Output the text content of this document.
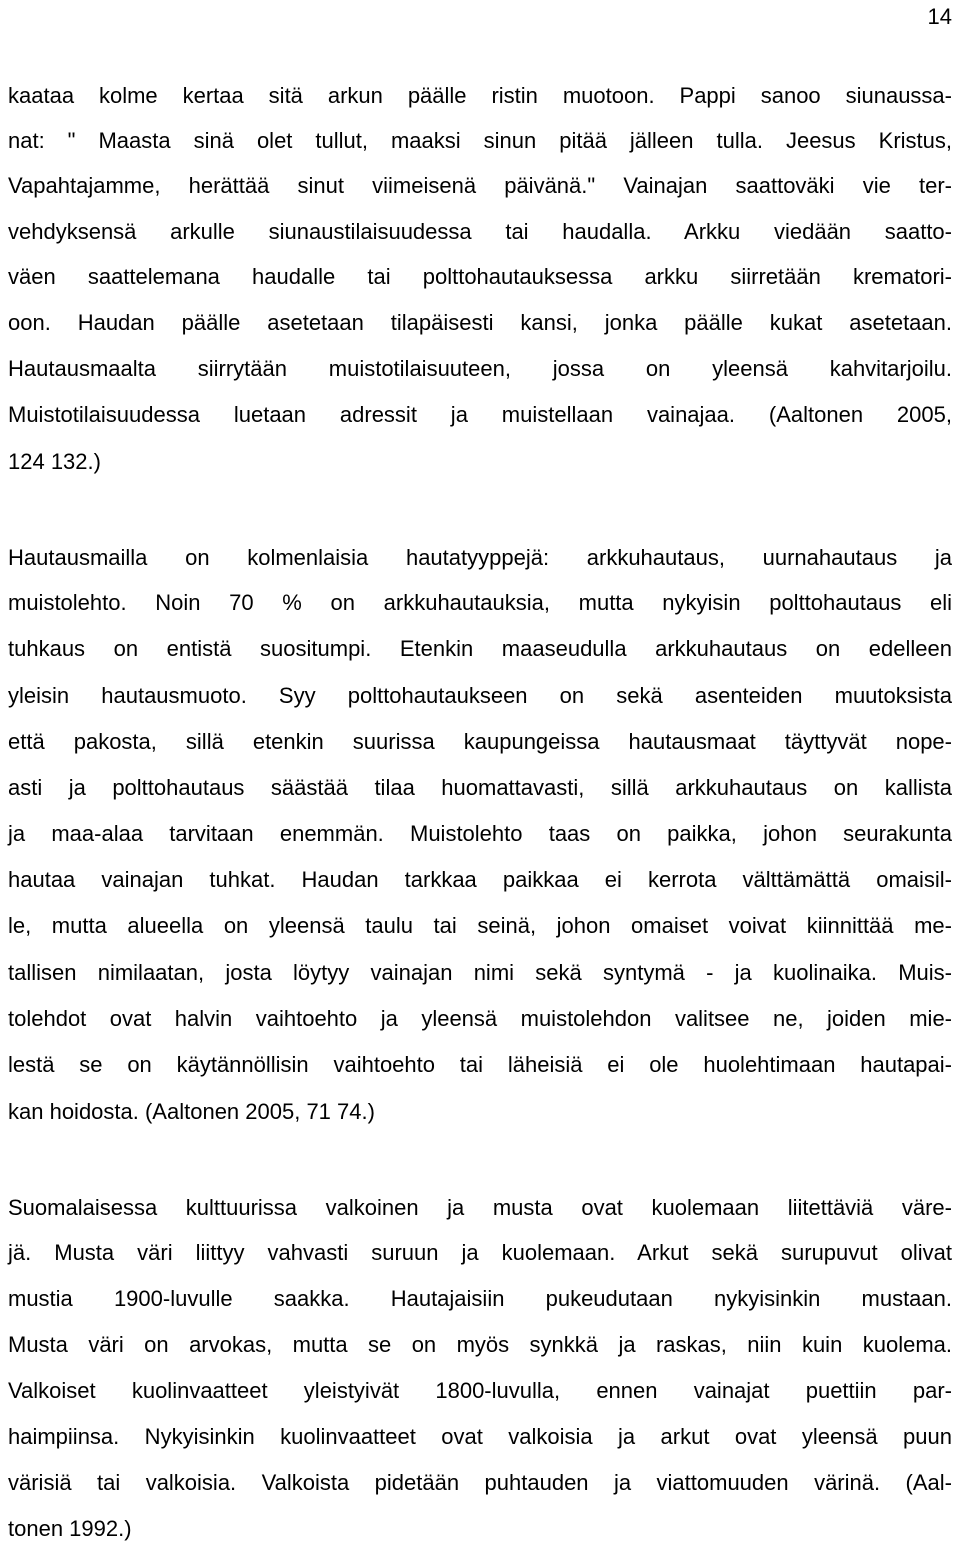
14
kaataa kolme kertaa sitä arkun päälle ristin muotoon. Pappi sanoo siunaussa-
nat: " Maasta sinä olet tullut, maaksi sinun pitää jälleen tulla. Jeesus Kristus,
Vapahtajamme, herättää sinut viimeisenä päivänä." Vainajan saattoväki vie ter-
vehdyksensä arkulle siunaustilaisuudessa tai haudalla. Arkku viedään saatto-
väen saattelemana haudalle tai polttohautauksessa arkku siirretään krematori-
oon. Haudan päälle asetetaan tilapäisesti kansi, jonka päälle kukat asetetaan.
Hautausmaalta siirrytään muistotilaisuuteen, jossa on yleensä kahvitarjoilu.
Muistotilaisuudessa luetaan adressit ja muistellaan vainajaa. (Aaltonen 2005,
124 132.)
Hautausmailla on kolmenlaisia hautatyyppejä: arkkuhautaus, uurnahautaus ja
muistolehto. Noin 70 % on arkkuhautauksia, mutta nykyisin polttohautaus eli
tuhkaus on entistä suositumpi. Etenkin maaseudulla arkkuhautaus on edelleen
yleisin hautausmuoto. Syy polttohautaukseen on sekä asenteiden muutoksista
että pakosta, sillä etenkin suurissa kaupungeissa hautausmaat täyttyvät nope-
asti ja polttohautaus säästää tilaa huomattavasti, sillä arkkuhautaus on kallista
ja maa-alaa tarvitaan enemmän. Muistolehto taas on paikka, johon seurakunta
hautaa vainajan tuhkat. Haudan tarkkaa paikkaa ei kerrota välttämättä omaisil-
le, mutta alueella on yleensä taulu tai seinä, johon omaiset voivat kiinnittää me-
tallisen nimilaatan, josta löytyy vainajan nimi sekä syntymä - ja kuolinaika. Muis-
tolehdot ovat halvin vaihtoehto ja yleensä muistolehdon valitsee ne, joiden mie-
lestä se on käytännöllisin vaihtoehto tai läheisiä ei ole huolehtimaan hautapai-
kan hoidosta. (Aaltonen 2005, 71 74.)
Suomalaisessa kulttuurissa valkoinen ja musta ovat kuolemaan liitettäviä väre-
jä. Musta väri liittyy vahvasti suruun ja kuolemaan. Arkut sekä surupuvut olivat
mustia 1900-luvulle saakka. Hautajaisiin pukeudutaan nykyisinkin mustaan.
Musta väri on arvokas, mutta se on myös synkkä ja raskas, niin kuin kuolema.
Valkoiset kuolinvaatteet yleistyivät 1800-luvulla, ennen vainajat puettiin par-
haimpiinsa. Nykyisinkin kuolinvaatteet ovat valkoisia ja arkut ovat yleensä puun
värisiä tai valkoisia. Valkoista pidetään puhtauden ja viattomuuden värinä. (Aal-
tonen 1992.)
